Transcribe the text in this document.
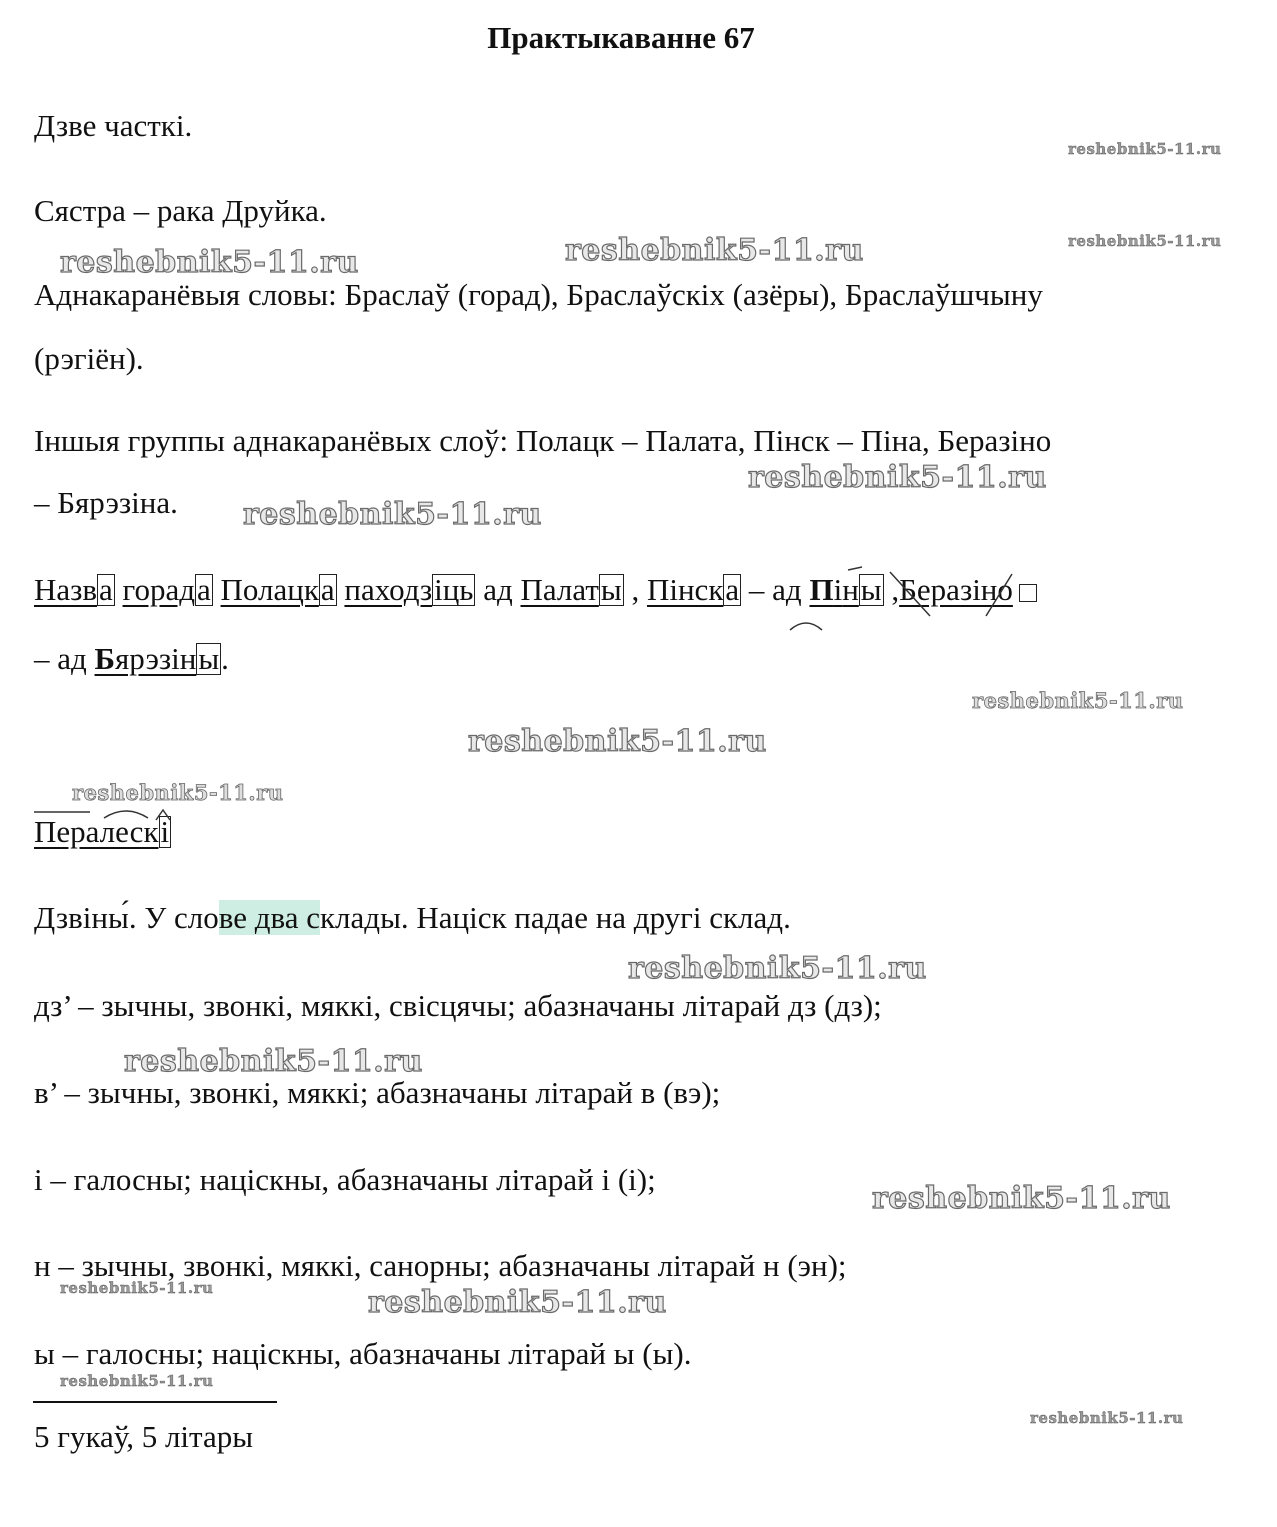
Практыкаванне 67
Дзве часткі.
Сястра – рака Друйка.
Аднакаранёвыя словы: Браслаў (горад), Браслаўскіх (азёры), Браслаўшчыну
(рэгіён).
Іншыя группы аднакаранёвых слоў: Полацк – Палата, Пінск – Піна, Беразіно
– Бярэзіна.
Назва горада Полацка паходзіць ад Палаты , Пінска – ад Піны ,Беразіно
– ад Бярэзіны.
Пералескі
Дзвіны́. У слове два склады. Націск падае на другі склад.
дз’ – зычны, звонкі, мяккі, свісцячы; абазначаны літарай дз (дз);
в’ – зычны, звонкі, мяккі; абазначаны літарай в (вэ);
і – галосны; націскны, абазначаны літарай і (і);
н – зычны, звонкі, мяккі, санорны; абазначаны літарай н (эн);
ы – галосны; націскны, абазначаны літарай ы (ы).
5 гукаў, 5 літары
reshebnik5-11.ru
reshebnik5-11.ru
reshebnik5-11.ru	reshebnik5-11.ru
reshebnik5-11.ru
reshebnik5-11.ru
reshebnik5-11.ru
reshebnik5-11.ru
reshebnik5-11.ru
reshebnik5-11.ru
reshebnik5-11.ru
reshebnik5-11.ru
reshebnik5-11.ru	reshebnik5-11.ru
reshebnik5-11.ru
reshebnik5-11.ru
